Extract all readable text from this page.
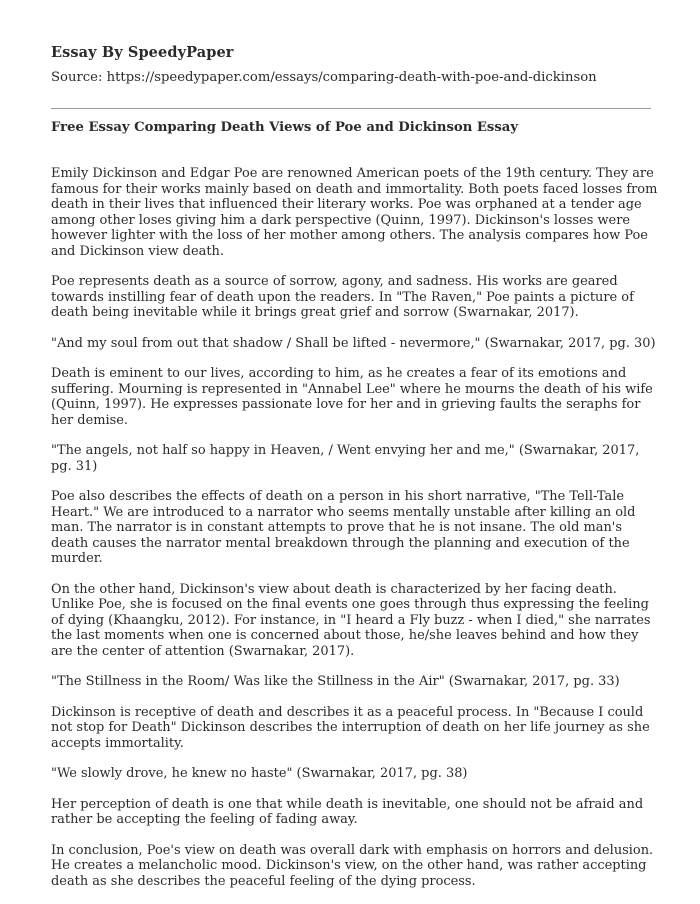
Essay By SpeedyPaper
Source: https://speedypaper.com/essays/comparing-death-with-poe-and-dickinson
Free Essay Comparing Death Views of Poe and Dickinson Essay

Emily Dickinson and Edgar Poe are renowned American poets of the 19th century. They are famous for their works mainly based on death and immortality. Both poets faced losses from death in their lives that influenced their literary works. Poe was orphaned at a tender age among other loses giving him a dark perspective (Quinn, 1997). Dickinson's losses were however lighter with the loss of her mother among others. The analysis compares how Poe and Dickinson view death.

Poe represents death as a source of sorrow, agony, and sadness. His works are geared towards instilling fear of death upon the readers. In "The Raven," Poe paints a picture of death being inevitable while it brings great grief and sorrow (Swarnakar, 2017).

"And my soul from out that shadow / Shall be lifted - nevermore," (Swarnakar, 2017, pg. 30)

Death is eminent to our lives, according to him, as he creates a fear of its emotions and suffering. Mourning is represented in "Annabel Lee" where he mourns the death of his wife (Quinn, 1997). He expresses passionate love for her and in grieving faults the seraphs for her demise.

"The angels, not half so happy in Heaven, / Went envying her and me," (Swarnakar, 2017, pg. 31)

Poe also describes the effects of death on a person in his short narrative, "The Tell-Tale Heart." We are introduced to a narrator who seems mentally unstable after killing an old man. The narrator is in constant attempts to prove that he is not insane. The old man's death causes the narrator mental breakdown through the planning and execution of the murder.

On the other hand, Dickinson's view about death is characterized by her facing death. Unlike Poe, she is focused on the final events one goes through thus expressing the feeling of dying (Khaangku, 2012). For instance, in "I heard a Fly buzz - when I died," she narrates the last moments when one is concerned about those, he/she leaves behind and how they are the center of attention (Swarnakar, 2017).

"The Stillness in the Room/ Was like the Stillness in the Air" (Swarnakar, 2017, pg. 33)

Dickinson is receptive of death and describes it as a peaceful process. In "Because I could not stop for Death" Dickinson describes the interruption of death on her life journey as she accepts immortality.

"We slowly drove, he knew no haste" (Swarnakar, 2017, pg. 38)

Her perception of death is one that while death is inevitable, one should not be afraid and rather be accepting the feeling of fading away.

In conclusion, Poe's view on death was overall dark with emphasis on horrors and delusion. He creates a melancholic mood. Dickinson's view, on the other hand, was rather accepting death as she describes the peaceful feeling of the dying process.
